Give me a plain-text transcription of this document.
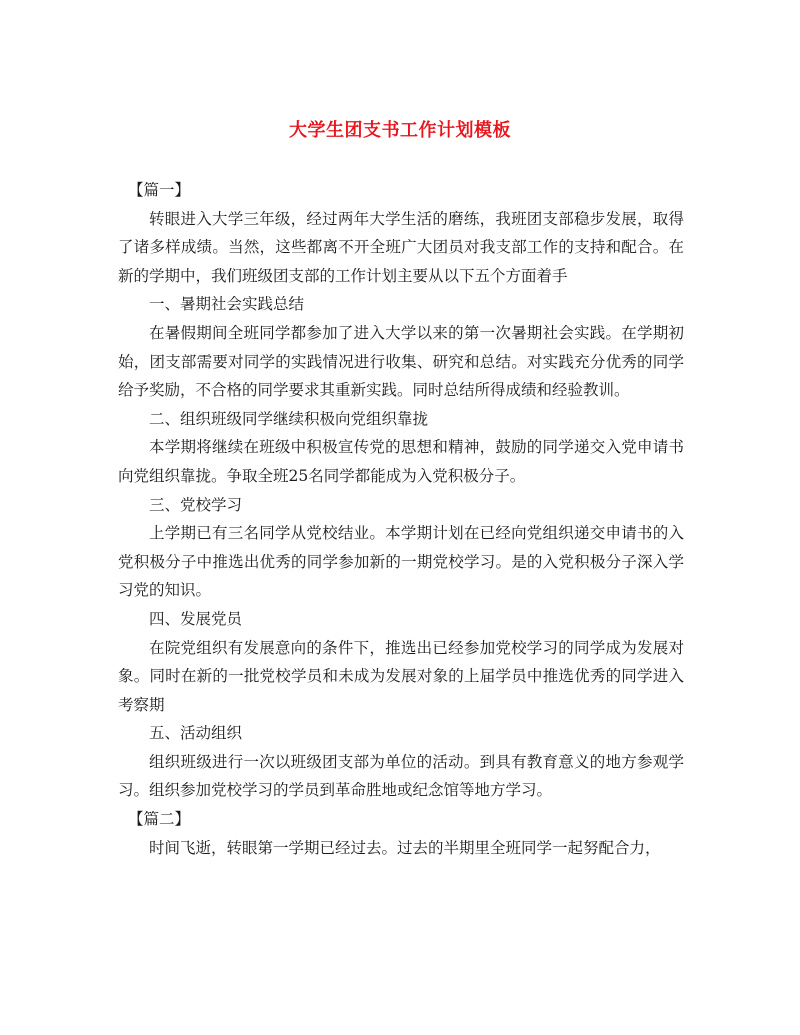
大学生团支书工作计划模板

【篇一】

转眼进入大学三年级，经过两年大学生活的磨练，我班团支部稳步发展，取得了诸多样成绩。当然，这些都离不开全班广大团员对我支部工作的支持和配合。在新的学期中，我们班级团支部的工作计划主要从以下五个方面着手

一、暑期社会实践总结

在暑假期间全班同学都参加了进入大学以来的第一次暑期社会实践。在学期初始，团支部需要对同学的实践情况进行收集、研究和总结。对实践充分优秀的同学给予奖励，不合格的同学要求其重新实践。同时总结所得成绩和经验教训。

二、组织班级同学继续积极向党组织靠拢

本学期将继续在班级中积极宣传党的思想和精神，鼓励的同学递交入党申请书向党组织靠拢。争取全班25名同学都能成为入党积极分子。

三、党校学习

上学期已有三名同学从党校结业。本学期计划在已经向党组织递交申请书的入党积极分子中推选出优秀的同学参加新的一期党校学习。是的入党积极分子深入学习党的知识。

四、发展党员

在院党组织有发展意向的条件下，推选出已经参加党校学习的同学成为发展对象。同时在新的一批党校学员和未成为发展对象的上届学员中推选优秀的同学进入考察期

五、活动组织

组织班级进行一次以班级团支部为单位的活动。到具有教育意义的地方参观学习。组织参加党校学习的学员到革命胜地或纪念馆等地方学习。

【篇二】

时间飞逝，转眼第一学期已经过去。过去的半期里全班同学一起努配合力，
